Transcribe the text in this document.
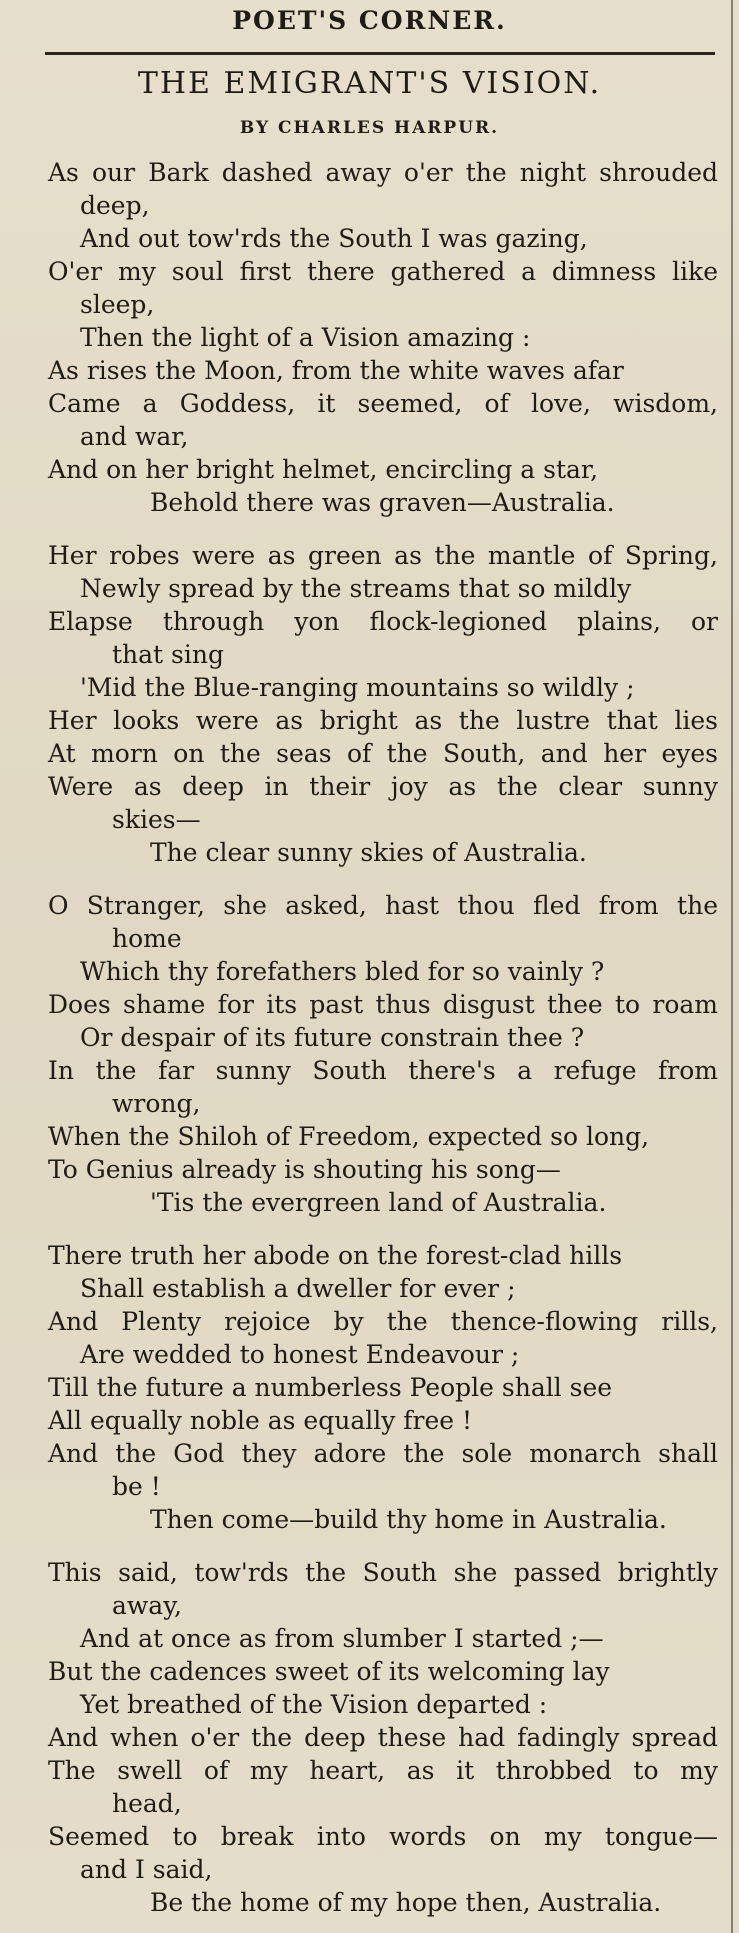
POET'S CORNER.
THE EMIGRANT'S VISION.
BY CHARLES HARPUR.
As our Bark dashed away o'er the night shrouded
deep,
And out tow'rds the South I was gazing,
O'er my soul first there gathered a dimness like
sleep,
Then the light of a Vision amazing :
As rises the Moon, from the white waves afar
Came a Goddess, it seemed, of love, wisdom,
and war,
And on her bright helmet, encircling a star,
Behold there was graven—Australia.
Her robes were as green as the mantle of Spring,
Newly spread by the streams that so mildly
Elapse through yon flock-legioned plains, or
that sing
'Mid the Blue-ranging mountains so wildly ;
Her looks were as bright as the lustre that lies
At morn on the seas of the South, and her eyes
Were as deep in their joy as the clear sunny
skies—
The clear sunny skies of Australia.
O Stranger, she asked, hast thou fled from the
home
Which thy forefathers bled for so vainly ?
Does shame for its past thus disgust thee to roam
Or despair of its future constrain thee ?
In the far sunny South there's a refuge from
wrong,
When the Shiloh of Freedom, expected so long,
To Genius already is shouting his song—
'Tis the evergreen land of Australia.
There truth her abode on the forest-clad hills
Shall establish a dweller for ever ;
And Plenty rejoice by the thence-flowing rills,
Are wedded to honest Endeavour ;
Till the future a numberless People shall see
All equally noble as equally free !
And the God they adore the sole monarch shall
be !
Then come—build thy home in Australia.
This said, tow'rds the South she passed brightly
away,
And at once as from slumber I started ;—
But the cadences sweet of its welcoming lay
Yet breathed of the Vision departed :
And when o'er the deep these had fadingly spread
The swell of my heart, as it throbbed to my
head,
Seemed to break into words on my tongue—
and I said,
Be the home of my hope then, Australia.
